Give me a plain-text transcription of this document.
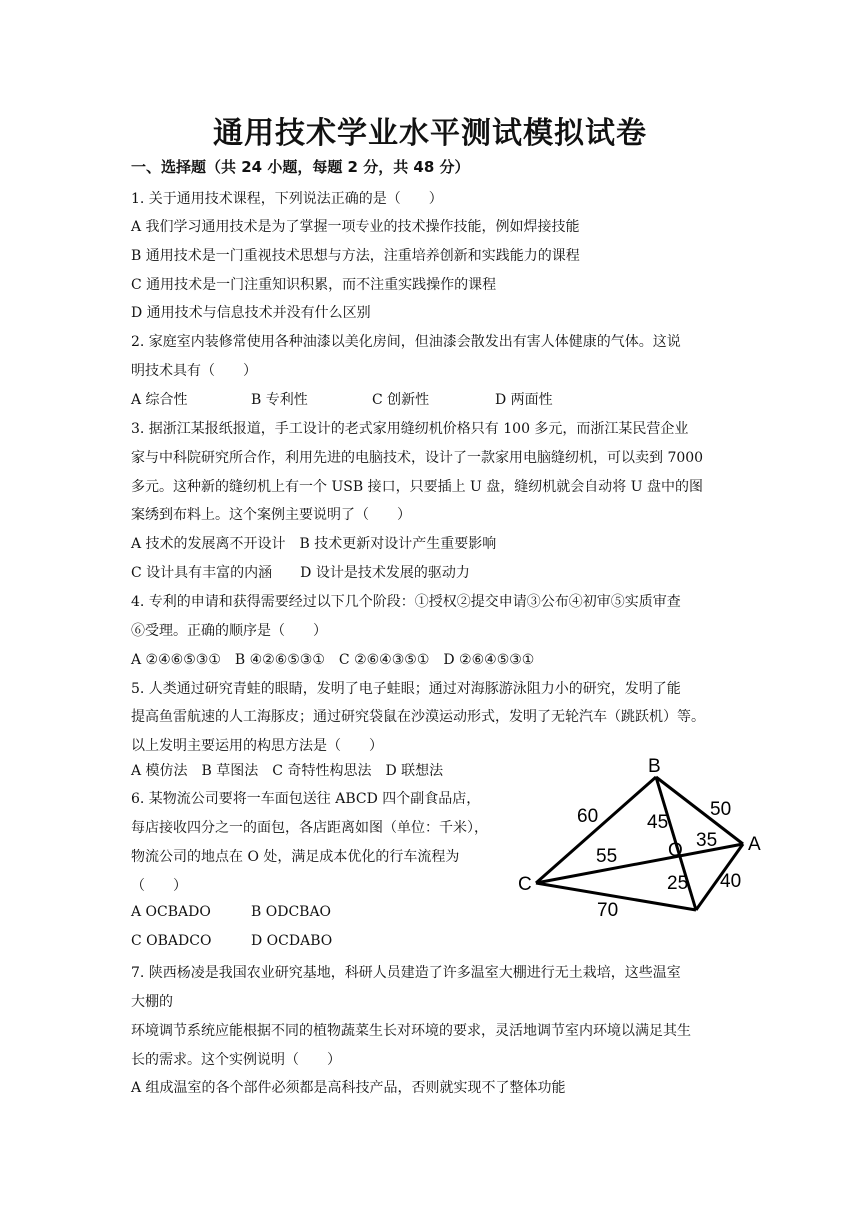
通用技术学业水平测试模拟试卷
一、选择题（共 24 小题，每题 2 分，共 48 分）
1. 关于通用技术课程，下列说法正确的是（　　）
A 我们学习通用技术是为了掌握一项专业的技术操作技能，例如焊接技能
B 通用技术是一门重视技术思想与方法，注重培养创新和实践能力的课程
C 通用技术是一门注重知识积累，而不注重实践操作的课程
D 通用技术与信息技术并没有什么区别
2. 家庭室内装修常使用各种油漆以美化房间，但油漆会散发出有害人体健康的气体。这说
明技术具有（　　）
A 综合性	B 专利性	C 创新性	D 两面性
3. 据浙江某报纸报道，手工设计的老式家用缝纫机价格只有 100 多元，而浙江某民营企业
家与中科院研究所合作，利用先进的电脑技术，设计了一款家用电脑缝纫机，可以卖到 7000
多元。这种新的缝纫机上有一个 USB 接口，只要插上 U 盘，缝纫机就会自动将 U 盘中的图
案绣到布料上。这个案例主要说明了（　　）
A 技术的发展离不开设计　B 技术更新对设计产生重要影响
C 设计具有丰富的内涵　　D 设计是技术发展的驱动力
4. 专利的申请和获得需要经过以下几个阶段：①授权②提交申请③公布④初审⑤实质审查
⑥受理。正确的顺序是（　　）
A ②④⑥⑤③①　B ④②⑥⑤③①　C ②⑥④③⑤①　D ②⑥④⑤③①
5. 人类通过研究青蛙的眼睛，发明了电子蛙眼；通过对海豚游泳阻力小的研究，发明了能
提高鱼雷航速的人工海豚皮；通过研究袋鼠在沙漠运动形式，发明了无轮汽车（跳跃机）等。
以上发明主要运用的构思方法是（　　）
A 模仿法　B 草图法　C 奇特性构思法　D 联想法
6. 某物流公司要将一车面包送往 ABCD 四个副食品店，
每店接收四分之一的面包，各店距离如图（单位：千米），
物流公司的地点在 O 处，满足成本优化的行车流程为
（　　）
A OCBADO	B ODCBAO
C OBADCO	D OCDABO
B
A
C
O
60	50
45
35
55
25 40
70
7. 陕西杨凌是我国农业研究基地，科研人员建造了许多温室大棚进行无土栽培，这些温室
大棚的
环境调节系统应能根据不同的植物蔬菜生长对环境的要求，灵活地调节室内环境以满足其生
长的需求。这个实例说明（　　）
A 组成温室的各个部件必须都是高科技产品，否则就实现不了整体功能
